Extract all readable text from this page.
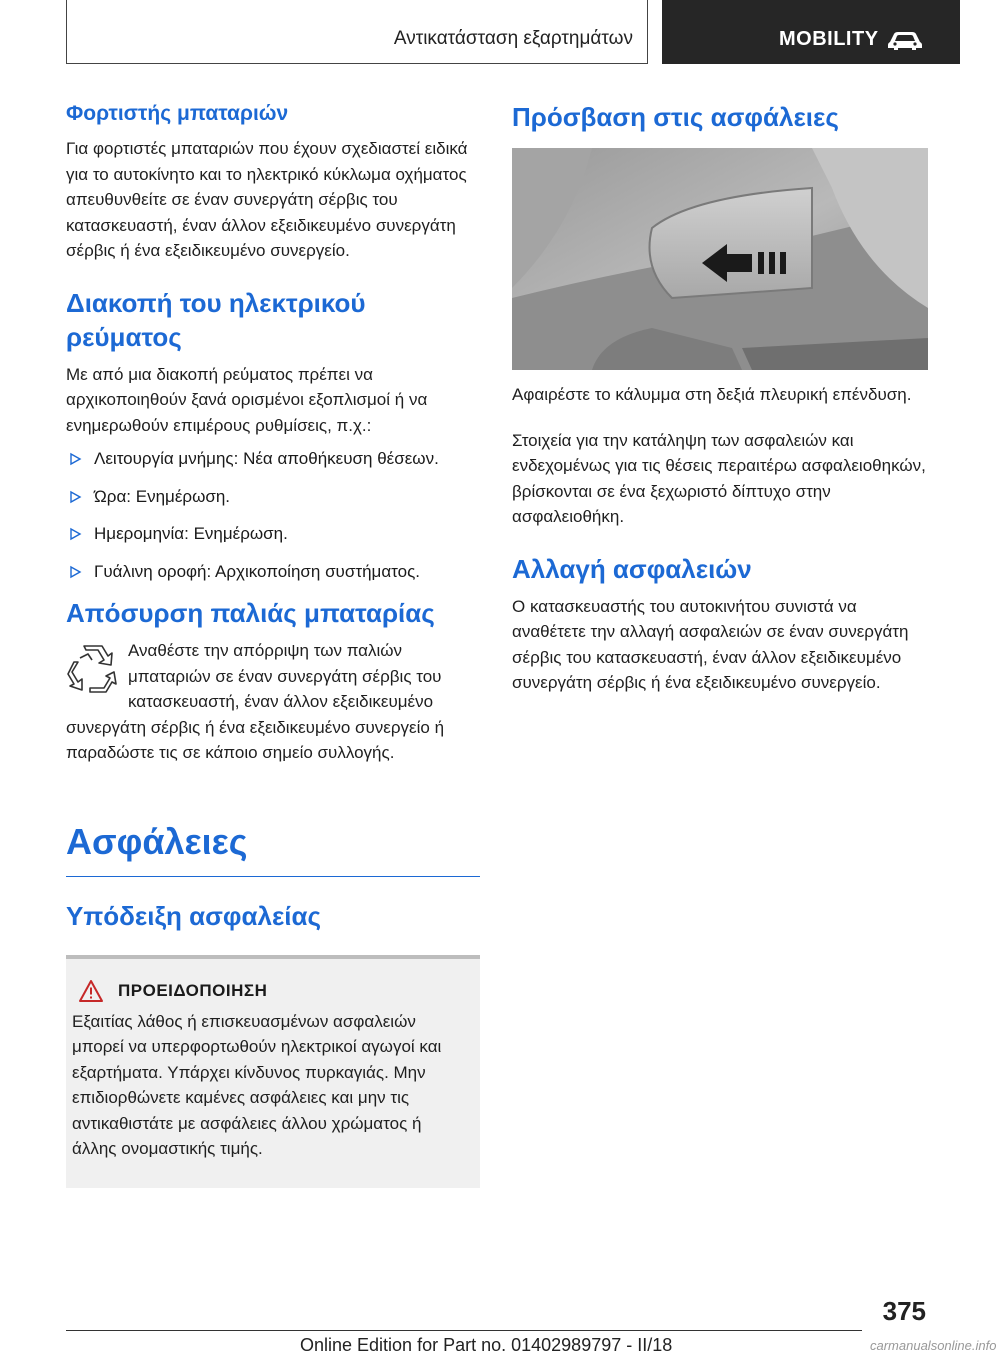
Αντικατάσταση εξαρτημάτων	MOBILITY
Φορτιστής μπαταριών

Για φορτιστές μπαταριών που έχουν σχεδιαστεί ειδικά για το αυτοκίνητο και το ηλεκτρικό κύκλωμα οχήματος απευθυνθείτε σε έναν συνεργάτη σέρβις του κατασκευαστή, έναν άλλον εξειδικευμένο συνεργάτη σέρβις ή ένα εξειδικευμένο συνεργείο.

Διακοπή του ηλεκτρικού ρεύματος

Με από μια διακοπή ρεύματος πρέπει να αρχικοποιηθούν ξανά ορισμένοι εξοπλισμοί ή να ενημερωθούν επιμέρους ρυθμίσεις, π.χ.:

Λειτουργία μνήμης: Νέα αποθήκευση θέσεων.
Ώρα: Ενημέρωση.
Ημερομηνία: Ενημέρωση.
Γυάλινη οροφή: Αρχικοποίηση συστήματος.
Απόσυρση παλιάς μπαταρίας

Αναθέστε την απόρριψη των παλιών μπαταριών σε έναν συνεργάτη σέρβις του κατασκευαστή, έναν άλλον εξειδικευμένο συνεργάτη σέρβις ή ένα εξειδικευμένο συνεργείο ή παραδώστε τις σε κάποιο σημείο συλλογής.

Ασφάλειες
Υπόδειξη ασφαλείας
ΠΡΟΕΙΔΟΠΟΙΗΣΗ

Εξαιτίας λάθος ή επισκευασμένων ασφαλειών μπορεί να υπερφορτωθούν ηλεκτρικοί αγωγοί και εξαρτήματα. Υπάρχει κίνδυνος πυρκαγιάς. Μην επιδιορθώνετε καμένες ασφάλειες και μην τις αντικαθιστάτε με ασφάλειες άλλου χρώματος ή άλλης ονομαστικής τιμής.

Πρόσβαση στις ασφάλειες

Αφαιρέστε το κάλυμμα στη δεξιά πλευρική επένδυση.

Στοιχεία για την κατάληψη των ασφαλειών και ενδεχομένως για τις θέσεις περαιτέρω ασφαλειοθηκών, βρίσκονται σε ένα ξεχωριστό δίπτυχο στην ασφαλειοθήκη.

Αλλαγή ασφαλειών

Ο κατασκευαστής του αυτοκινήτου συνιστά να αναθέτετε την αλλαγή ασφαλειών σε έναν συνεργάτη σέρβις του κατασκευαστή, έναν άλλον εξειδικευμένο συνεργάτη σέρβις ή ένα εξειδικευμένο συνεργείο.

375
Online Edition for Part no. 01402989797 - II/18	carmanualsonline.info
